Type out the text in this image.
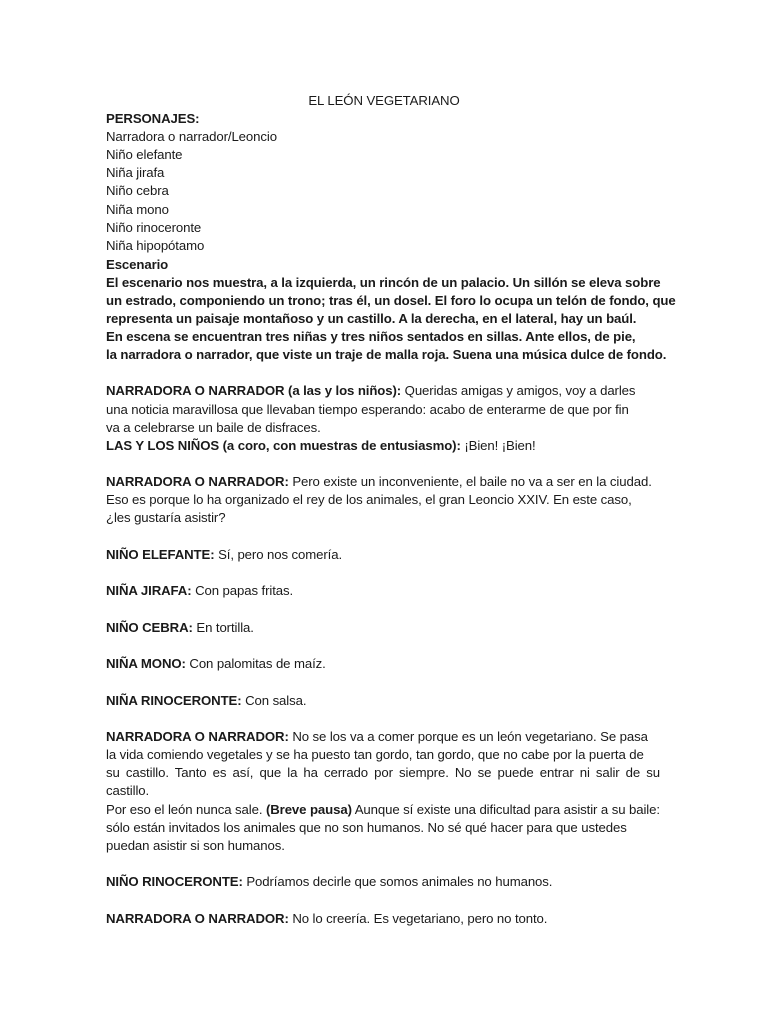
EL LEÓN VEGETARIANO
PERSONAJES:
Narradora o narrador/Leoncio
Niño elefante
Niña jirafa
Niño cebra
Niña mono
Niño rinoceronte
Niña hipopótamo
Escenario
El escenario nos muestra, a la izquierda, un rincón de un palacio. Un sillón se eleva sobre
un estrado, componiendo un trono; tras él, un dosel. El foro lo ocupa un telón de fondo, que
representa un paisaje montañoso y un castillo. A la derecha, en el lateral, hay un baúl.
En escena se encuentran tres niñas y tres niños sentados en sillas. Ante ellos, de pie,
la narradora o narrador, que viste un traje de malla roja. Suena una música dulce de fondo.
NARRADORA O NARRADOR (a las y los niños): Queridas amigas y amigos, voy a darles
una noticia maravillosa que llevaban tiempo esperando: acabo de enterarme de que por fin
va a celebrarse un baile de disfraces.
LAS Y LOS NIÑOS (a coro, con muestras de entusiasmo): ¡Bien! ¡Bien!
NARRADORA O NARRADOR: Pero existe un inconveniente, el baile no va a ser en la ciudad.
Eso es porque lo ha organizado el rey de los animales, el gran Leoncio XXIV. En este caso,
¿les gustaría asistir?
NIÑO ELEFANTE: Sí, pero nos comería.
NIÑA JIRAFA: Con papas fritas.
NIÑO CEBRA: En tortilla.
NIÑA MONO: Con palomitas de maíz.
NIÑA RINOCERONTE: Con salsa.
NARRADORA O NARRADOR: No se los va a comer porque es un león vegetariano. Se pasa
la vida comiendo vegetales y se ha puesto tan gordo, tan gordo, que no cabe por la puerta de
su castillo. Tanto es así, que la ha cerrado por siempre. No se puede entrar ni salir de su
castillo.
Por eso el león nunca sale. (Breve pausa) Aunque sí existe una dificultad para asistir a su baile:
sólo están invitados los animales que no son humanos. No sé qué hacer para que ustedes
puedan asistir si son humanos.
NIÑO RINOCERONTE: Podríamos decirle que somos animales no humanos.
NARRADORA O NARRADOR: No lo creería. Es vegetariano, pero no tonto.
